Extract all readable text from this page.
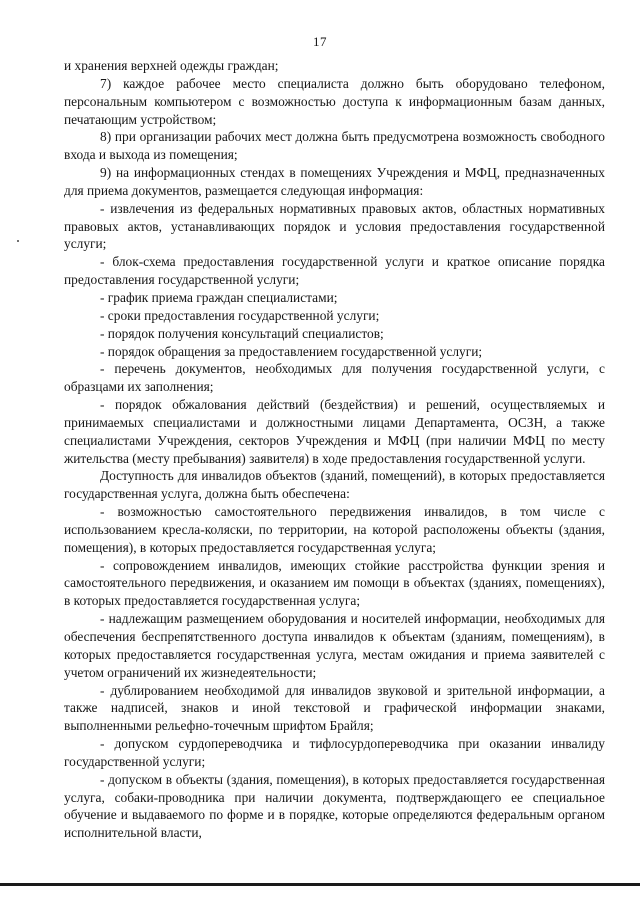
17

и хранения верхней одежды граждан;

7) каждое рабочее место специалиста должно быть оборудовано телефоном, персональным компьютером с возможностью доступа к информационным базам данных, печатающим устройством;

8) при организации рабочих мест должна быть предусмотрена возможность свободного входа и выхода из помещения;

9) на информационных стендах в помещениях Учреждения и МФЦ, предназначенных для приема документов, размещается следующая информация:

- извлечения из федеральных нормативных правовых актов, областных нормативных правовых актов, устанавливающих порядок и условия предоставления государственной услуги;

- блок-схема предоставления государственной услуги и краткое описание порядка предоставления государственной услуги;

- график приема граждан специалистами;

- сроки предоставления государственной услуги;

- порядок получения консультаций специалистов;

- порядок обращения за предоставлением государственной услуги;

- перечень документов, необходимых для получения государственной услуги, с образцами их заполнения;

- порядок обжалования действий (бездействия) и решений, осуществляемых и принимаемых специалистами и должностными лицами Департамента, ОСЗН, а также специалистами Учреждения, секторов Учреждения и МФЦ (при наличии МФЦ по месту жительства (месту пребывания) заявителя) в ходе предоставления государственной услуги.

Доступность для инвалидов объектов (зданий, помещений), в которых предоставляется государственная услуга, должна быть обеспечена:

- возможностью самостоятельного передвижения инвалидов, в том числе с использованием кресла-коляски, по территории, на которой расположены объекты (здания, помещения), в которых предоставляется государственная услуга;

- сопровождением инвалидов, имеющих стойкие расстройства функции зрения и самостоятельного передвижения, и оказанием им помощи в объектах (зданиях, помещениях), в которых предоставляется государственная услуга;

- надлежащим размещением оборудования и носителей информации, необходимых для обеспечения беспрепятственного доступа инвалидов к объектам (зданиям, помещениям), в которых предоставляется государственная услуга, местам ожидания и приема заявителей с учетом ограничений их жизнедеятельности;

- дублированием необходимой для инвалидов звуковой и зрительной информации, а также надписей, знаков и иной текстовой и графической информации знаками, выполненными рельефно-точечным шрифтом Брайля;

- допуском сурдопереводчика и тифлосурдопереводчика при оказании инвалиду государственной услуги;

- допуском в объекты (здания, помещения), в которых предоставляется государственная услуга, собаки-проводника при наличии документа, подтверждающего ее специальное обучение и выдаваемого по форме и в порядке, которые определяются федеральным органом исполнительной власти,
